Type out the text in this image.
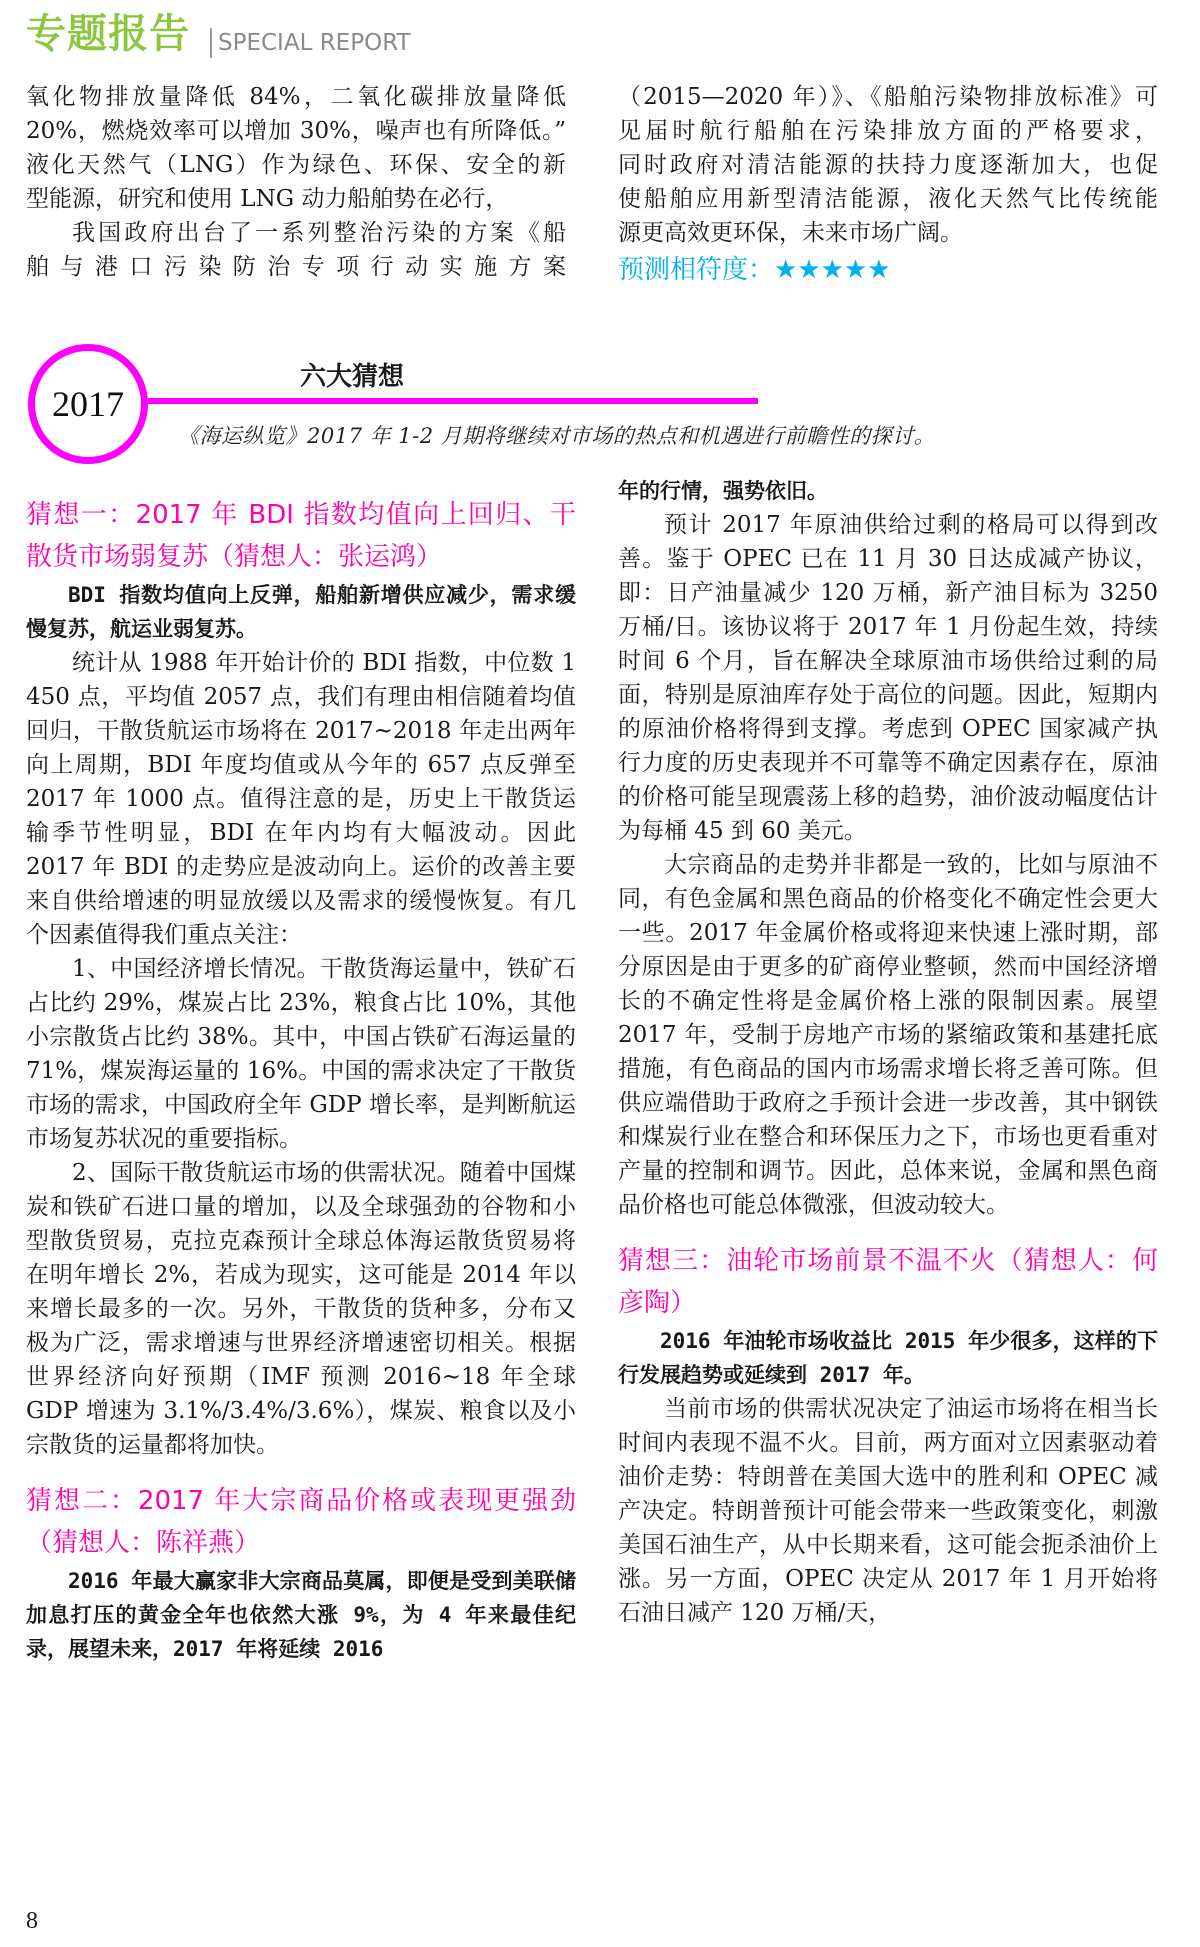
专题报告 SPECIAL REPORT

氧化物排放量降低 84%，二氧化碳排放量降低

20%，燃烧效率可以增加 30%，噪声也有所降低。”

液化天然气（LNG）作为绿色、环保、安全的新

型能源，研究和使用 LNG 动力船舶势在必行，

我国政府出台了一系列整治污染的方案《船

舶与港口污染防治专项行动实施方案

（2015—2020 年）》、《船舶污染物排放标准》可

见届时航行船舶在污染排放方面的严格要求，

同时政府对清洁能源的扶持力度逐渐加大，也促

使船舶应用新型清洁能源，液化天然气比传统能

源更高效更环保，未来市场广阔。

预测相符度：★★★★★

2017
六大猜想
《海运纵览》2017 年 1-2 月期将继续对市场的热点和机遇进行前瞻性的探讨。

猜想一：2017 年 BDI 指数均值向上回归、干散货市场弱复苏（猜想人：张运鸿）

BDI 指数均值向上反弹，船舶新增供应减少，需求缓慢复苏，航运业弱复苏。

统计从 1988 年开始计价的 BDI 指数，中位数 1 450 点，平均值 2057 点，我们有理由相信随着均值回归，干散货航运市场将在 2017~2018 年走出两年向上周期，BDI 年度均值或从今年的 657 点反弹至 2017 年 1000 点。值得注意的是，历史上干散货运输季节性明显，BDI 在年内均有大幅波动。因此 2017 年 BDI 的走势应是波动向上。运价的改善主要来自供给增速的明显放缓以及需求的缓慢恢复。有几个因素值得我们重点关注：

1、中国经济增长情况。干散货海运量中，铁矿石占比约 29%，煤炭占比 23%，粮食占比 10%，其他小宗散货占比约 38%。其中，中国占铁矿石海运量的 71%，煤炭海运量的 16%。中国的需求决定了干散货市场的需求，中国政府全年 GDP 增长率，是判断航运市场复苏状况的重要指标。

2、国际干散货航运市场的供需状况。随着中国煤炭和铁矿石进口量的增加，以及全球强劲的谷物和小型散货贸易，克拉克森预计全球总体海运散货贸易将在明年增长 2%，若成为现实，这可能是 2014 年以来增长最多的一次。另外，干散货的货种多，分布又极为广泛，需求增速与世界经济增速密切相关。根据世界经济向好预期（IMF 预测 2016~18 年全球 GDP 增速为 3.1%/3.4%/3.6%），煤炭、粮食以及小宗散货的运量都将加快。

猜想二：2017 年大宗商品价格或表现更强劲（猜想人：陈祥燕）

2016 年最大赢家非大宗商品莫属，即便是受到美联储加息打压的黄金全年也依然大涨 9%，为 4 年来最佳纪录，展望未来，2017 年将延续 2016

年的行情，强势依旧。

预计 2017 年原油供给过剩的格局可以得到改善。鉴于 OPEC 已在 11 月 30 日达成减产协议，即：日产油量减少 120 万桶，新产油目标为 3250 万桶/日。该协议将于 2017 年 1 月份起生效，持续时间 6 个月，旨在解决全球原油市场供给过剩的局面，特别是原油库存处于高位的问题。因此，短期内的原油价格将得到支撑。考虑到 OPEC 国家减产执行力度的历史表现并不可靠等不确定因素存在，原油的价格可能呈现震荡上移的趋势，油价波动幅度估计为每桶 45 到 60 美元。

大宗商品的走势并非都是一致的，比如与原油不同，有色金属和黑色商品的价格变化不确定性会更大一些。2017 年金属价格或将迎来快速上涨时期，部分原因是由于更多的矿商停业整顿，然而中国经济增长的不确定性将是金属价格上涨的限制因素。展望 2017 年，受制于房地产市场的紧缩政策和基建托底措施，有色商品的国内市场需求增长将乏善可陈。但供应端借助于政府之手预计会进一步改善，其中钢铁和煤炭行业在整合和环保压力之下，市场也更看重对产量的控制和调节。因此，总体来说，金属和黑色商品价格也可能总体微涨，但波动较大。

猜想三：油轮市场前景不温不火（猜想人：何彦陶）

2016 年油轮市场收益比 2015 年少很多，这样的下行发展趋势或延续到 2017 年。

当前市场的供需状况决定了油运市场将在相当长时间内表现不温不火。目前，两方面对立因素驱动着油价走势：特朗普在美国大选中的胜利和 OPEC 减产决定。特朗普预计可能会带来一些政策变化，刺激美国石油生产，从中长期来看，这可能会扼杀油价上涨。另一方面，OPEC 决定从 2017 年 1 月开始将石油日减产 120 万桶/天，

8
